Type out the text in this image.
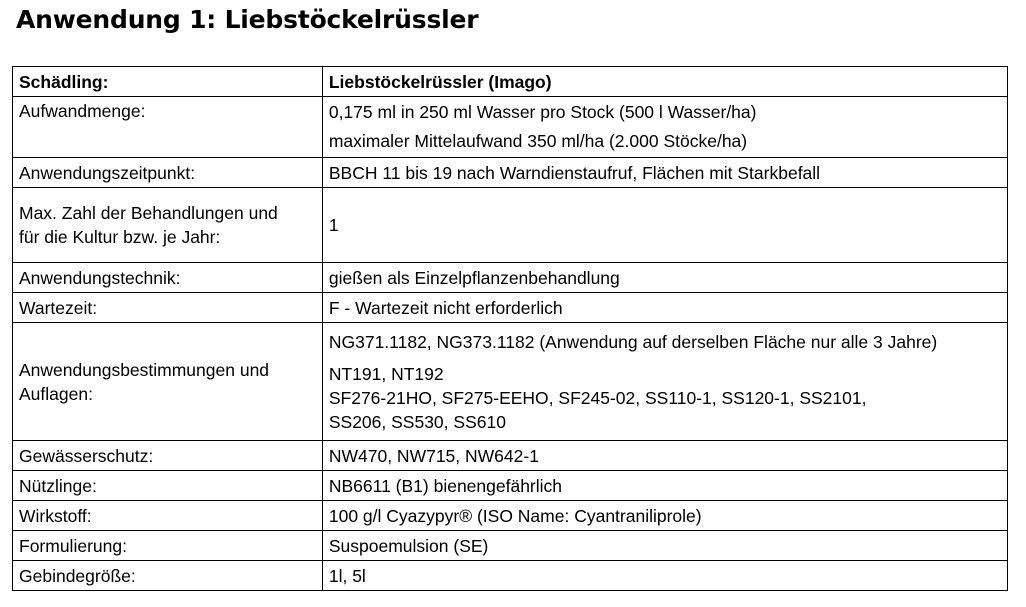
Anwendung 1: Liebstöckelrüssler
Schädling:	Liebstöckelrüssler (Imago)
Aufwandmenge:	0,175 ml in 250 ml Wasser pro Stock (500 l Wasser/ha)
maximaler Mittelaufwand 350 ml/ha (2.000 Stöcke/ha)

Anwendungszeitpunkt:	BBCH 11 bis 19 nach Warndienstaufruf, Flächen mit Starkbefall

Max. Zahl der Behandlungen und
für die Kultur bzw. je Jahr:	1
Anwendungstechnik:	gießen als Einzelpflanzenbehandlung
Wartezeit:	F - Wartezeit nicht erforderlich

Anwendungsbestimmungen und
Auflagen:	NG371.1182, NG373.1182 (Anwendung auf derselben Fläche nur alle 3 Jahre)
NT191, NT192
SF276-21HO, SF275-EEHO, SF245-02, SS110-1, SS120-1, SS2101,
SS206, SS530, SS610

Gewässerschutz:	NW470, NW715, NW642-1
Nützlinge:	NB6611 (B1) bienengefährlich
Wirkstoff:	100 g/l Cyazypyr® (ISO Name: Cyantraniliprole)
Formulierung:	Suspoemulsion (SE)
Gebindegröße:	1l, 5l
